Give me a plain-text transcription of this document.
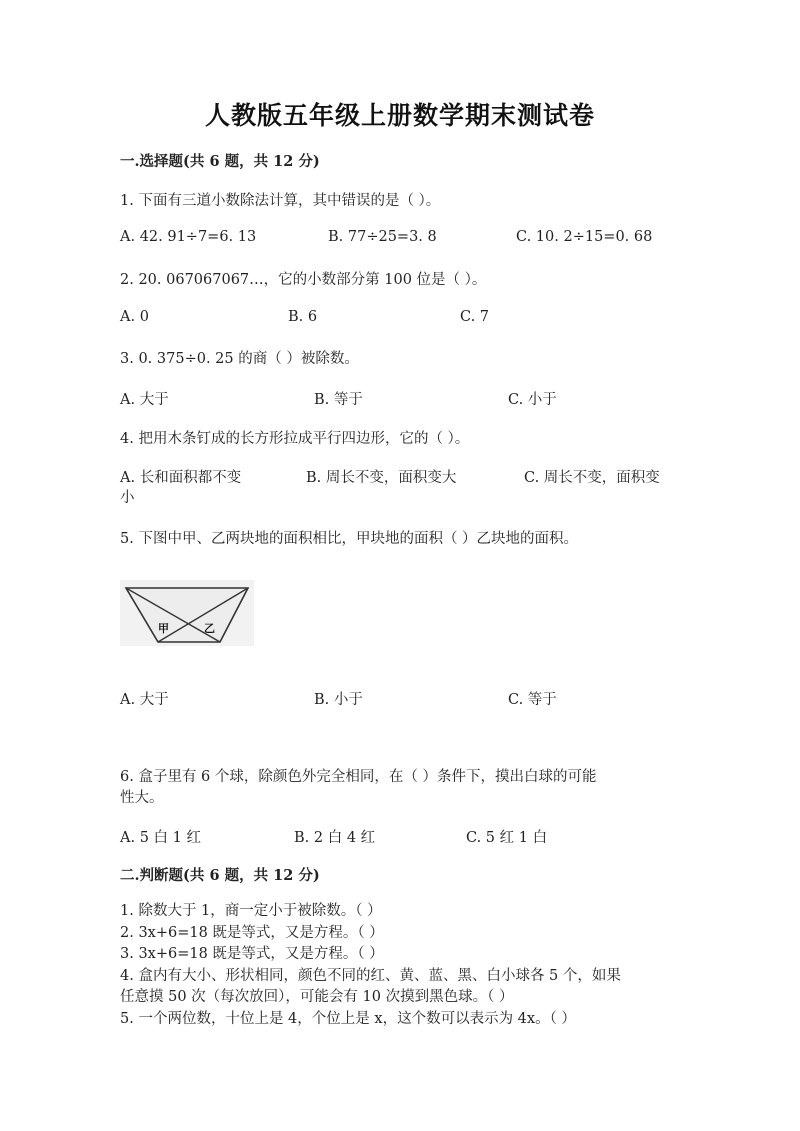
人教版五年级上册数学期末测试卷
一.选择题(共 6 题，共 12 分)
1. 下面有三道小数除法计算，其中错误的是（ ）。
A. 42. 91÷7=6. 13	B. 77÷25=3. 8	C. 10. 2÷15=0. 68
2. 20. 067067067…，它的小数部分第 100 位是（ ）。
A. 0	B. 6	C. 7
3. 0. 375÷0. 25 的商（ ）被除数。
A. 大于	B. 等于	C. 小于
4. 把用木条钉成的长方形拉成平行四边形，它的（ ）。
A. 长和面积都不变	B. 周长不变，面积变大	C. 周长不变，面积变
小
5. 下图中甲、乙两块地的面积相比，甲块地的面积（ ）乙块地的面积。
甲	乙
A. 大于	B. 小于	C. 等于
6. 盒子里有 6 个球，除颜色外完全相同，在（ ）条件下，摸出白球的可能
性大。
A. 5 白 1 红	B. 2 白 4 红	C. 5 红 1 白
二.判断题(共 6 题，共 12 分)
1. 除数大于 1，商一定小于被除数。（ ）
2. 3x+6=18 既是等式，又是方程。（ ）
3. 3x+6=18 既是等式，又是方程。（ ）
4. 盒内有大小、形状相同，颜色不同的红、黄、蓝、黑、白小球各 5 个，如果
任意摸 50 次（每次放回），可能会有 10 次摸到黑色球。（ ）
5. 一个两位数，十位上是 4，个位上是 x，这个数可以表示为 4x。（ ）
